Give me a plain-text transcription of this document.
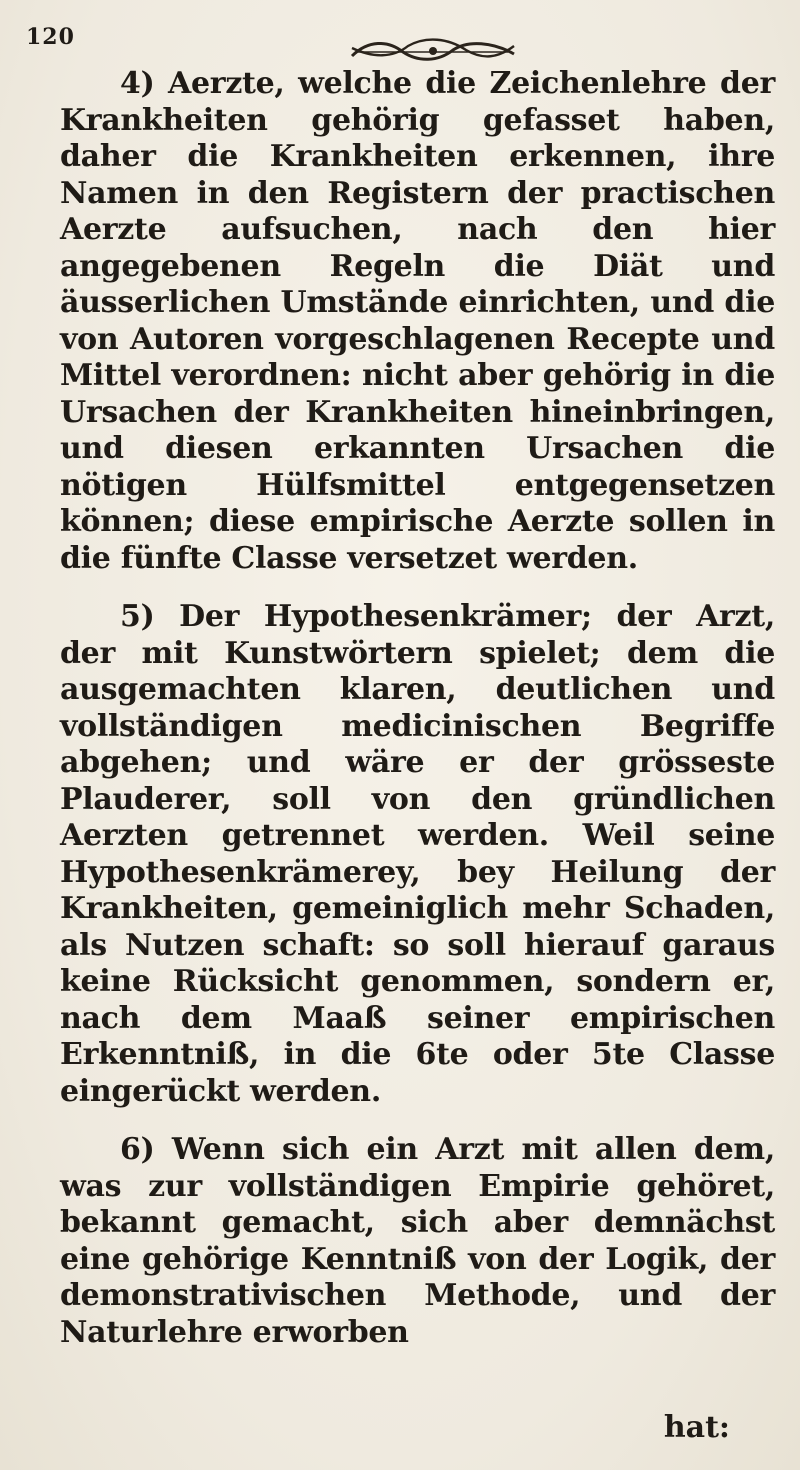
120

4) Aerzte, welche die Zeichenlehre der Krankheiten gehörig gefasset haben, daher die Krankheiten erkennen, ihre Namen in den Registern der practischen Aerzte aufsuchen, nach den hier angegebenen Regeln die Diät und äusserlichen Umstände einrichten, und die von Autoren vorgeschlagenen Recepte und Mittel verordnen: nicht aber gehörig in die Ursachen der Krankheiten hineinbringen, und diesen erkannten Ursachen die nötigen Hülfsmittel entgegensetzen können; diese empirische Aerzte sollen in die fünfte Classe versetzet werden.

5) Der Hypothesenkrämer; der Arzt, der mit Kunstwörtern spielet; dem die ausgemachten klaren, deutlichen und vollständigen medicinischen Begriffe abgehen; und wäre er der grösseste Plauderer, soll von den gründlichen Aerzten getrennet werden. Weil seine Hypothesenkrämerey, bey Heilung der Krankheiten, gemeiniglich mehr Schaden, als Nutzen schaft: so soll hierauf garaus keine Rücksicht genommen, sondern er, nach dem Maaß seiner empirischen Erkenntniß, in die 6te oder 5te Classe eingerückt werden.

6) Wenn sich ein Arzt mit allen dem, was zur vollständigen Empirie gehöret, bekannt gemacht, sich aber demnächst eine gehörige Kenntniß von der Logik, der demonstrativischen Methode, und der Naturlehre erworben

hat:
